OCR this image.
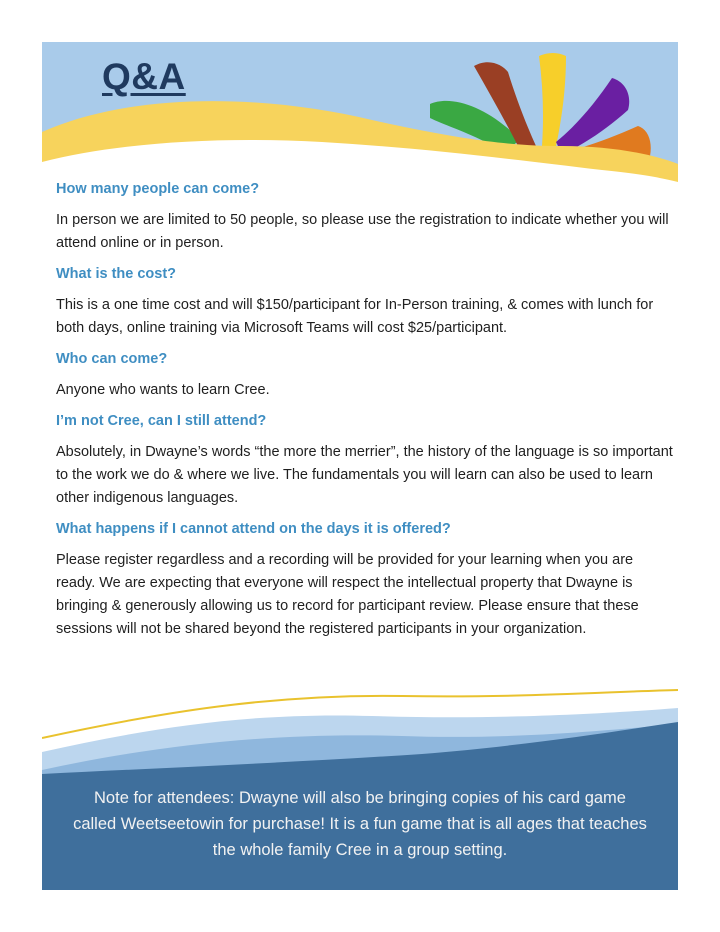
Q&A

How many people can come?

In person we are limited to 50 people, so please use the registration to indicate whether you will attend online or in person.

What is the cost?

This is a one time cost and will $150/participant for In-Person training, & comes with lunch for both days, online training via Microsoft Teams will cost $25/participant.

Who can come?

Anyone who wants to learn Cree.

I’m not Cree, can I still attend?

Absolutely, in Dwayne’s words “the more the merrier”, the history of the language is so important to the work we do & where we live. The fundamentals you will learn can also be used to learn other indigenous languages.

What happens if I cannot attend on the days it is offered?

Please register regardless and a recording will be provided for your learning when you are ready. We are expecting that everyone will respect the intellectual property that Dwayne is bringing & generously allowing us to record for participant review. Please ensure that these sessions will not be shared beyond the registered participants in your organization.

Note for attendees: Dwayne will also be bringing copies of his card game called Weetseetowin for purchase! It is a fun game that is all ages that teaches the whole family Cree in a group setting.
